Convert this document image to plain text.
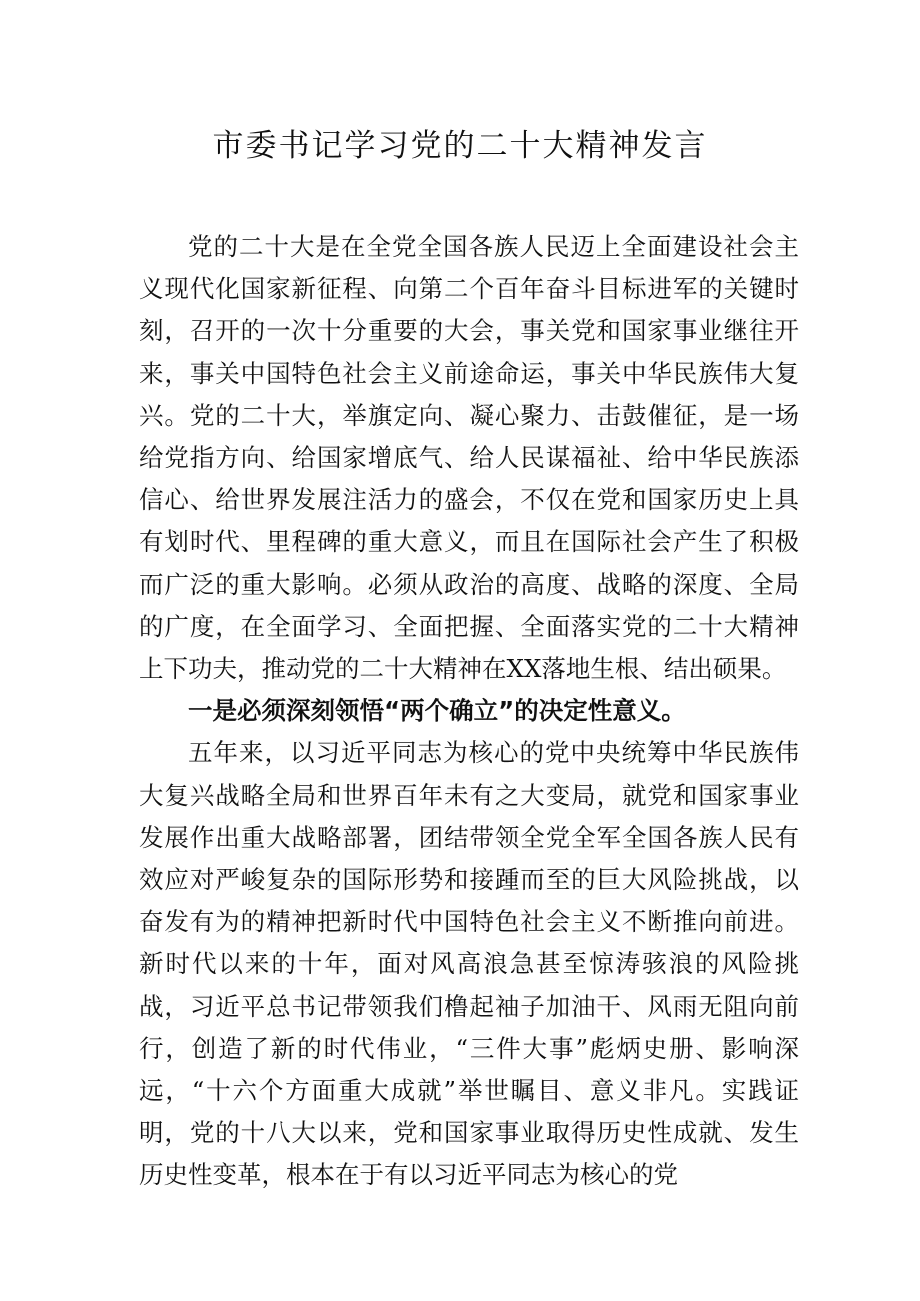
市委书记学习党的二十大精神发言

党的二十大是在全党全国各族人民迈上全面建设社会主义现代化国家新征程、向第二个百年奋斗目标进军的关键时刻，召开的一次十分重要的大会，事关党和国家事业继往开来，事关中国特色社会主义前途命运，事关中华民族伟大复兴。党的二十大，举旗定向、凝心聚力、击鼓催征，是一场给党指方向、给国家增底气、给人民谋福祉、给中华民族添信心、给世界发展注活力的盛会，不仅在党和国家历史上具有划时代、里程碑的重大意义，而且在国际社会产生了积极而广泛的重大影响。必须从政治的高度、战略的深度、全局的广度，在全面学习、全面把握、全面落实党的二十大精神上下功夫，推动党的二十大精神在XX落地生根、结出硕果。

一是必须深刻领悟“两个确立”的决定性意义。

五年来，以习近平同志为核心的党中央统筹中华民族伟大复兴战略全局和世界百年未有之大变局，就党和国家事业发展作出重大战略部署，团结带领全党全军全国各族人民有效应对严峻复杂的国际形势和接踵而至的巨大风险挑战，以奋发有为的精神把新时代中国特色社会主义不断推向前进。新时代以来的十年，面对风高浪急甚至惊涛骇浪的风险挑战，习近平总书记带领我们橹起袖子加油干、风雨无阻向前行，创造了新的时代伟业，“三件大事”彪炳史册、影响深远，“十六个方面重大成就”举世瞩目、意义非凡。实践证明，党的十八大以来，党和国家事业取得历史性成就、发生历史性变革，根本在于有以习近平同志为核心的党
